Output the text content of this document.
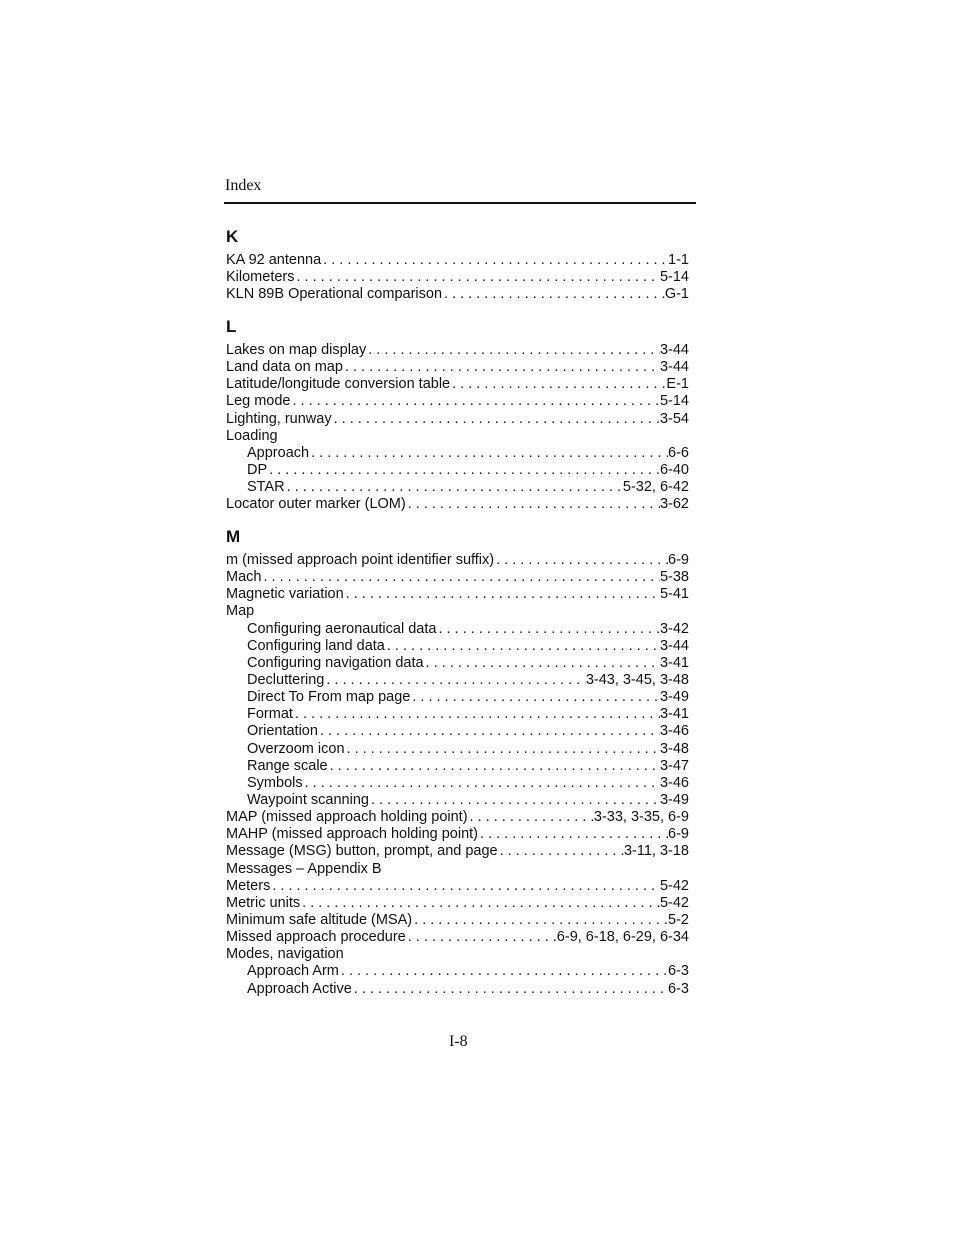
Index
K
KA 92 antenna . . .	1-1
Kilometers . . .	5-14
KLN 89B Operational comparison . . .	G-1
L
Lakes on map display . . .	3-44
Land data on map . . .	3-44
Latitude/longitude conversion table . . .	E-1
Leg mode . . .	5-14
Lighting, runway . . .	3-54
Loading
Approach . . .	6-6
DP . . .	6-40
STAR . . .	5-32, 6-42
Locator outer marker (LOM) . . .	3-62
M
m (missed approach point identifier suffix) . . .	6-9
Mach . . .	5-38
Magnetic variation . . .	5-41
Map
Configuring aeronautical data . . .	3-42
Configuring land data . . .	3-44
Configuring navigation data . . .	3-41
Decluttering . . .	3-43, 3-45, 3-48
Direct To From map page . . .	3-49
Format . . .	3-41
Orientation . . .	3-46
Overzoom icon . . .	3-48
Range scale . . .	3-47
Symbols . . .	3-46
Waypoint scanning . . .	3-49
MAP (missed approach holding point) . . .	3-33, 3-35, 6-9
MAHP (missed approach holding point) . . .	6-9
Message (MSG) button, prompt, and page . . .	3-11, 3-18
Messages – Appendix B
Meters . . .	5-42
Metric units . . .	5-42
Minimum safe altitude (MSA) . . .	5-2
Missed approach procedure . . .	6-9, 6-18, 6-29, 6-34
Modes, navigation
Approach Arm . . .	6-3
Approach Active . . .	6-3
I-8
